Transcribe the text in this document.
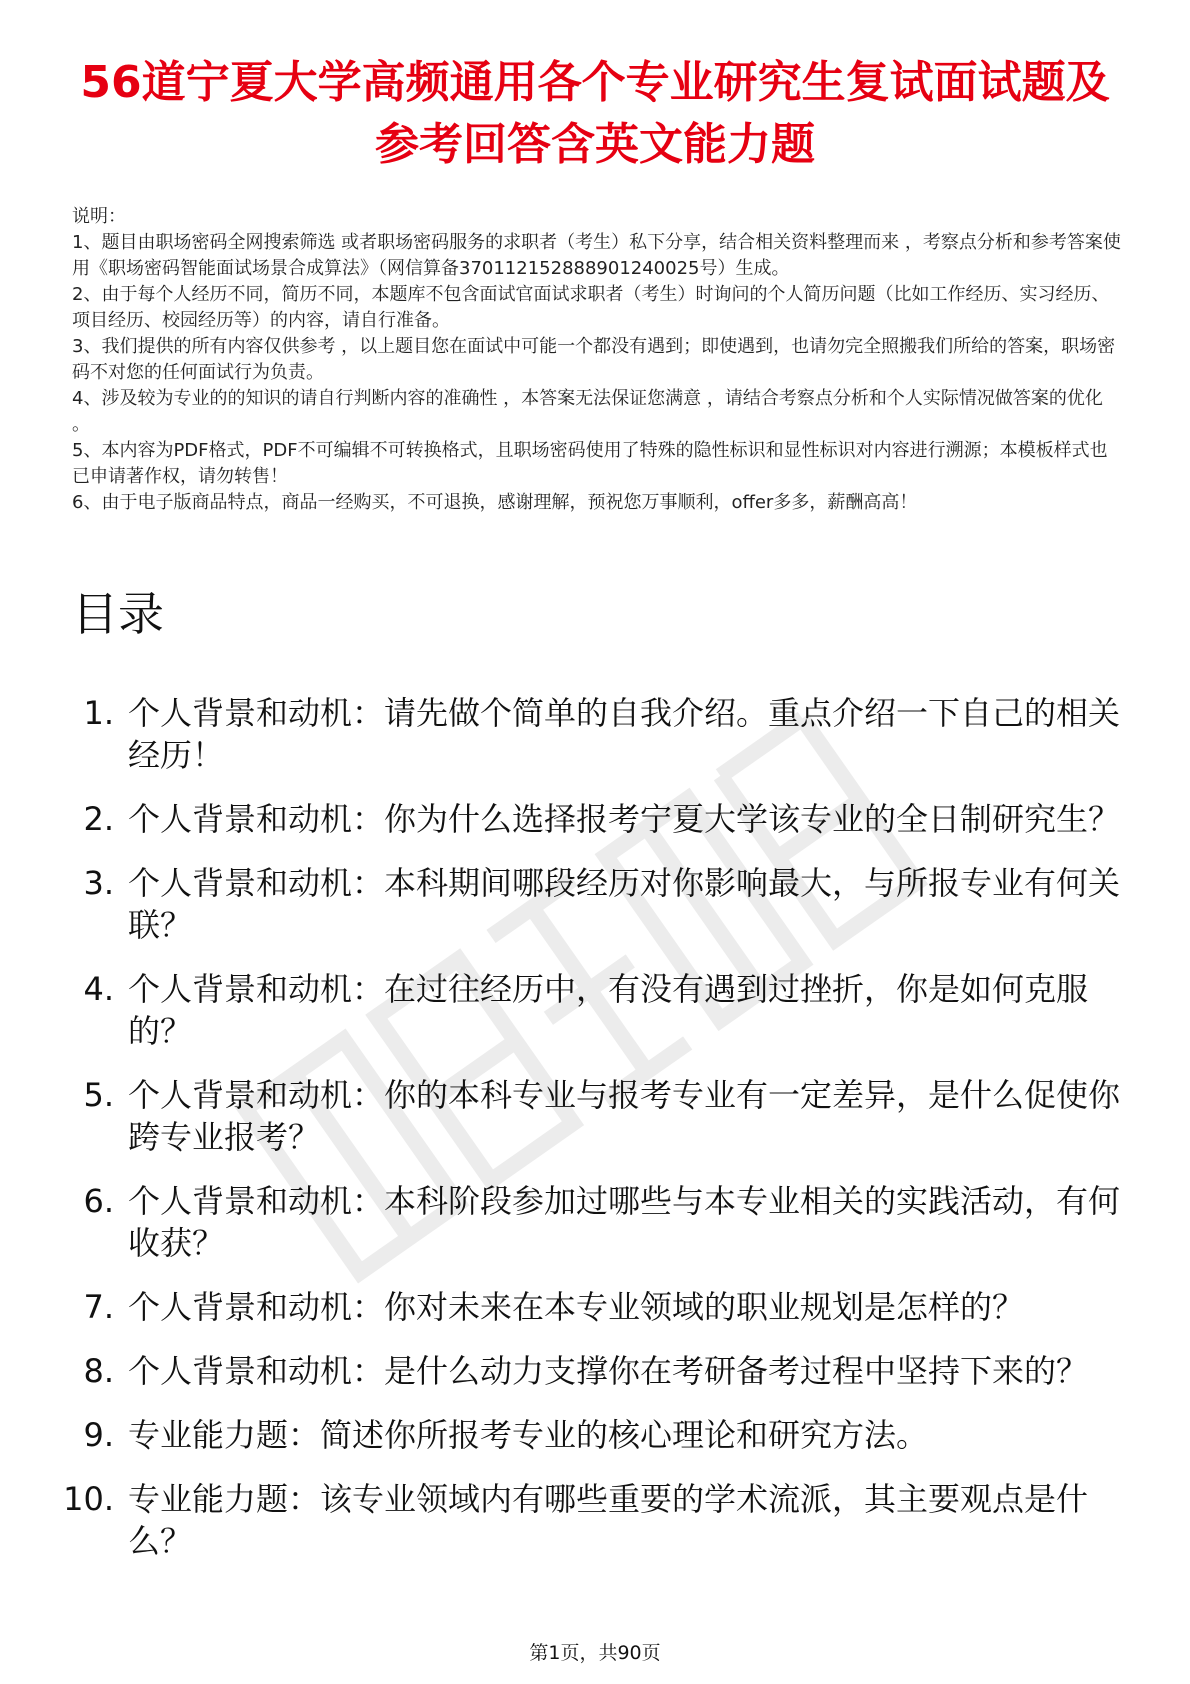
56道宁夏大学高频通用各个专业研究生复试面试题及参考回答含英文能力题

说明：

1、题目由职场密码全网搜索筛选 或者职场密码服务的求职者（考生）私下分享，结合相关资料整理而来 ，考察点分析和参考答案使用《职场密码智能面试场景合成算法》（网信算备370112152888901240025号）生成。

2、由于每个人经历不同，简历不同，本题库不包含面试官面试求职者（考生）时询问的个人简历问题（比如工作经历、实习经历、项目经历、校园经历等）的内容，请自行准备。

3、我们提供的所有内容仅供参考 ，以上题目您在面试中可能一个都没有遇到；即使遇到，也请勿完全照搬我们所给的答案，职场密码不对您的任何面试行为负责。

4、涉及较为专业的的知识的请自行判断内容的准确性 ，本答案无法保证您满意 ，请结合考察点分析和个人实际情况做答案的优化 。

5、本内容为PDF格式，PDF不可编辑不可转换格式，且职场密码使用了特殊的隐性标识和显性标识对内容进行溯源；本模板样式也已申请著作权，请勿转售！

6、由于电子版商品特点，商品一经购买，不可退换，感谢理解，预祝您万事顺利，offer多多，薪酬高高！

目录
1. 个人背景和动机：请先做个简单的自我介绍。重点介绍一下自己的相关经历！
2. 个人背景和动机：你为什么选择报考宁夏大学该专业的全日制研究生？
3. 个人背景和动机：本科期间哪段经历对你影响最大，与所报专业有何关联？
4. 个人背景和动机：在过往经历中，有没有遇到过挫折，你是如何克服的？
5. 个人背景和动机：你的本科专业与报考专业有一定差异，是什么促使你跨专业报考？
6. 个人背景和动机：本科阶段参加过哪些与本专业相关的实践活动，有何收获？
7. 个人背景和动机：你对未来在本专业领域的职业规划是怎样的？
8. 个人背景和动机：是什么动力支撑你在考研备考过程中坚持下来的？
9. 专业能力题：简述你所报考专业的核心理论和研究方法。
10. 专业能力题：该专业领域内有哪些重要的学术流派，其主要观点是什么？
第1页，共90页
